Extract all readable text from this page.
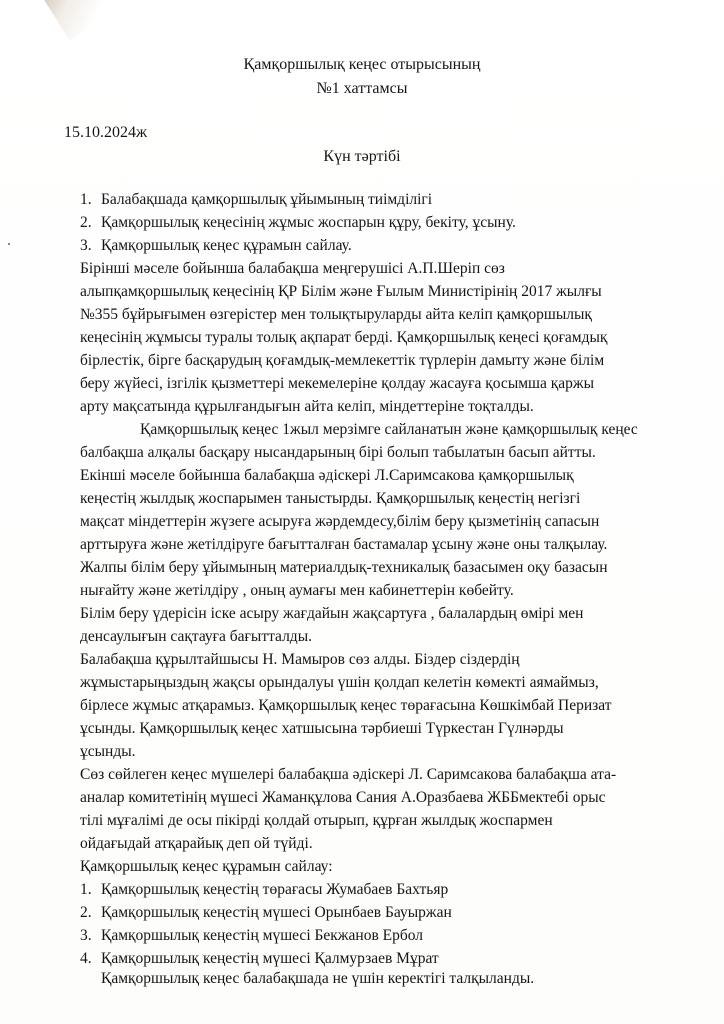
Қамқоршылық кеңес отырысының
№1 хаттамсы
15.10.2024ж
Күн тәртібі
1. Балабақшада қамқоршылық ұйымының тиімділігі
2. Қамқоршылық кеңесінің жұмыс жоспарын құру, бекіту, ұсыну.
3. Қамқоршылық кеңес құрамын сайлау.
Бірінші мәселе бойынша балабақша меңгерушісі А.П.Шеріп сөз
алыпқамқоршылық кеңесінің ҚР Білім және Ғылым Министірінің 2017 жылғы
№355 бұйрығымен өзгерістер мен толықтыруларды айта келіп қамқоршылық
кеңесінің жұмысы туралы толық ақпарат берді. Қамқоршылық кеңесі қоғамдық
бірлестік, бірге басқарудың қоғамдық-мемлекеттік түрлерін дамыту және білім
беру жүйесі, ізгілік қызметтері мекемелеріне қолдау жасауға қосымша қаржы
арту мақсатында құрылғандығын айта келіп, міндеттеріне тоқталды.
Қамқоршылық кеңес 1жыл мерзімге сайланатын және қамқоршылық кеңес
балбақша алқалы басқару нысандарының бірі болып табылатын басып айтты.
Екінші мәселе бойынша балабақша әдіскері Л.Саримсакова қамқоршылық
кеңестің жылдық жоспарымен таныстырды. Қамқоршылық кеңестің негізгі
мақсат міндеттерін жүзеге асыруға жәрдемдесу,білім беру қызметінің сапасын
арттыруға және жетілдіруге бағытталған бастамалар ұсыну және оны талқылау.
Жалпы білім беру ұйымының материалдық-техникалық базасымен оқу базасын
нығайту және жетілдіру , оның аумағы мен кабинеттерін көбейту.
Білім беру үдерісін іске асыру жағдайын жақсартуға , балалардың өмірі мен
денсаулығын сақтауға бағытталды.
Балабақша құрылтайшысы Н. Мамыров сөз алды. Біздер сіздердің
жұмыстарыңыздың жақсы орындалуы үшін қолдап келетін көмекті аямаймыз,
бірлесе жұмыс атқарамыз. Қамқоршылық кеңес төрағасына Көшкімбай Перизат
ұсынды. Қамқоршылық кеңес хатшысына тәрбиеші Түркестан Гүлнәрды
ұсынды.
Сөз сөйлеген кеңес мүшелері балабақша әдіскері Л. Саримсакова балабақша ата-
аналар комитетінің мүшесі Жаманқұлова Сания А.Оразбаева ЖББмектебі орыс
тілі мұғалімі де осы пікірді қолдай отырып, құрған жылдық жоспармен
ойдағыдай атқарайық деп ой түйді.
Қамқоршылық кеңес құрамын сайлау:
1. Қамқоршылық кеңестің төрағасы Жумабаев Бахтьяр
2. Қамқоршылық кеңестің мүшесі Орынбаев Бауыржан
3. Қамқоршылық кеңестің мүшесі Бекжанов Ербол
4. Қамқоршылық кеңестің мүшесі Қалмурзаев Мұрат
Қамқоршылық кеңес балабақшада не үшін керектігі талқыланды.
